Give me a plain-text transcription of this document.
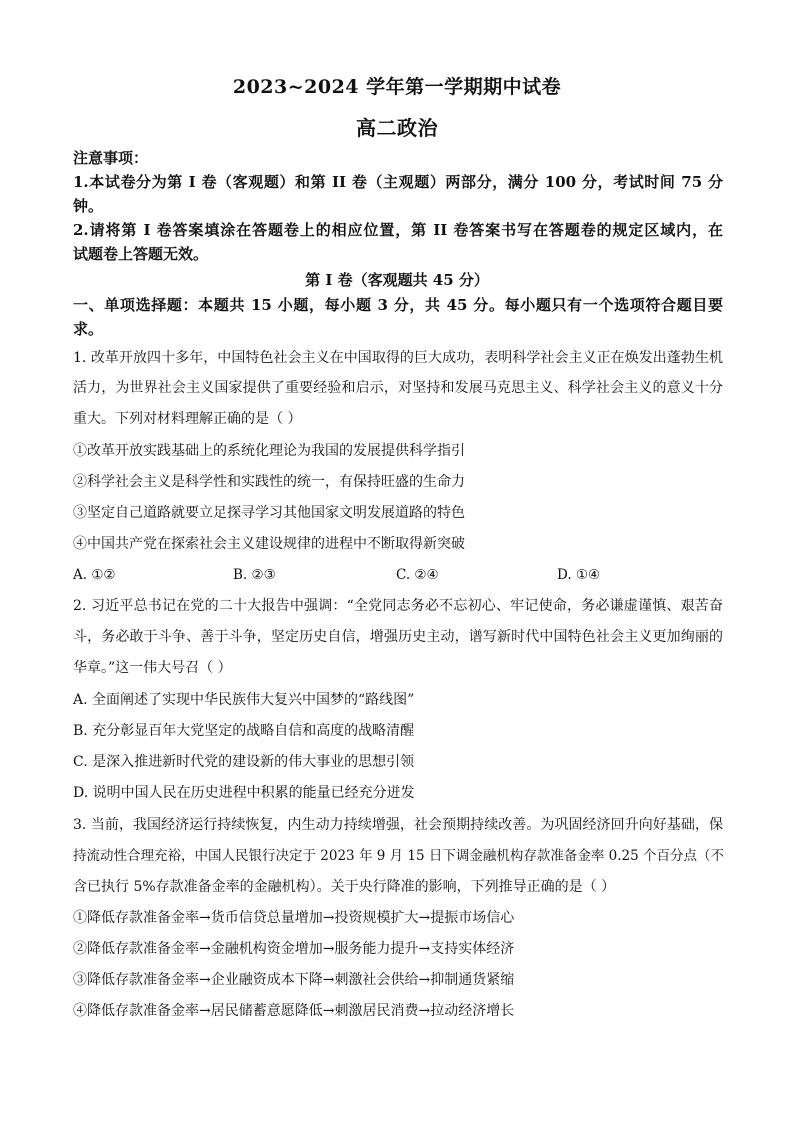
2023~2024 学年第一学期期中试卷
高二政治
注意事项：
1.本试卷分为第 I 卷（客观题）和第 II 卷（主观题）两部分，满分 100 分，考试时间 75 分
钟。
2.请将第 I 卷答案填涂在答题卷上的相应位置，第 II 卷答案书写在答题卷的规定区域内，在
试题卷上答题无效。
第 I 卷（客观题共 45 分）
一、单项选择题：本题共 15 小题，每小题 3 分，共 45 分。每小题只有一个选项符合题目要
求。
1. 改革开放四十多年，中国特色社会主义在中国取得的巨大成功，表明科学社会主义正在焕发出蓬勃生机
活力，为世界社会主义国家提供了重要经验和启示，对坚持和发展马克思主义、科学社会主义的意义十分
重大。下列对材料理解正确的是（ ）
①改革开放实践基础上的系统化理论为我国的发展提供科学指引
②科学社会主义是科学性和实践性的统一，有保持旺盛的生命力
③坚定自己道路就要立足探寻学习其他国家文明发展道路的特色
④中国共产党在探索社会主义建设规律的进程中不断取得新突破
A. ①②	B. ②③	C. ②④	D. ①④
2. 习近平总书记在党的二十大报告中强调：“全党同志务必不忘初心、牢记使命，务必谦虚谨慎、艰苦奋
斗，务必敢于斗争、善于斗争，坚定历史自信，增强历史主动，谱写新时代中国特色社会主义更加绚丽的
华章。”这一伟大号召（ ）
A. 全面阐述了实现中华民族伟大复兴中国梦的“路线图”
B. 充分彰显百年大党坚定的战略自信和高度的战略清醒
C. 是深入推进新时代党的建设新的伟大事业的思想引领
D. 说明中国人民在历史进程中积累的能量已经充分迸发
3. 当前，我国经济运行持续恢复，内生动力持续增强，社会预期持续改善。为巩固经济回升向好基础，保
持流动性合理充裕，中国人民银行决定于 2023 年 9 月 15 日下调金融机构存款准备金率 0.25 个百分点（不
含已执行 5%存款准备金率的金融机构）。关于央行降准的影响，下列推导正确的是（ ）
①降低存款准备金率→货币信贷总量增加→投资规模扩大→提振市场信心
②降低存款准备金率→金融机构资金增加→服务能力提升→支持实体经济
③降低存款准备金率→企业融资成本下降→刺激社会供给→抑制通货紧缩
④降低存款准备金率→居民储蓄意愿降低→刺激居民消费→拉动经济增长
